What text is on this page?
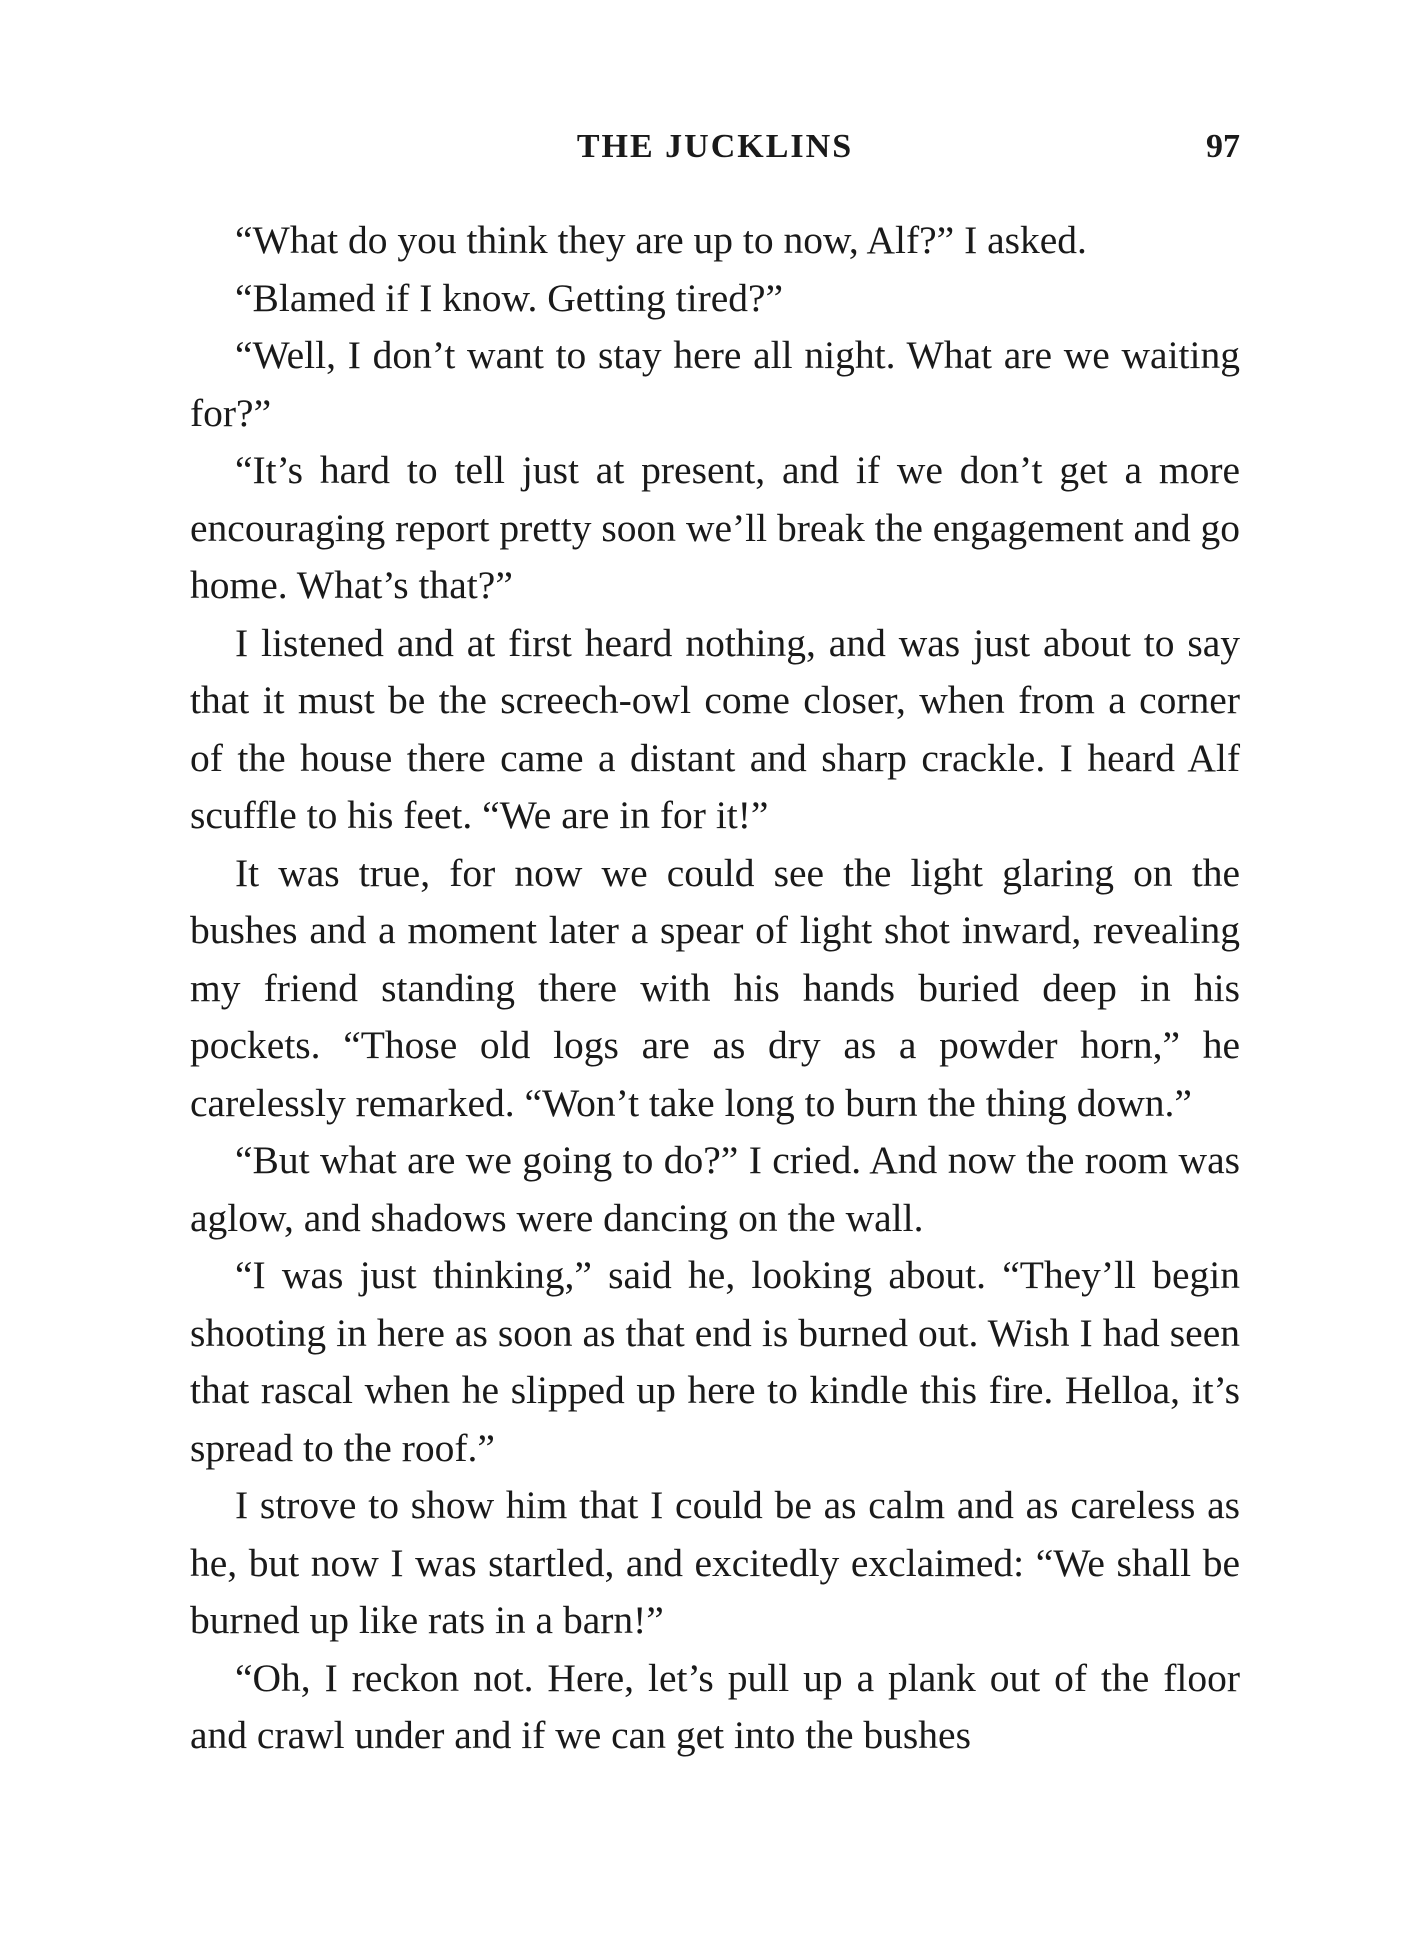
THE JUCKLINS	97

“What do you think they are up to now, Alf?” I asked.

“Blamed if I know. Getting tired?”

“Well, I don’t want to stay here all night. What are we waiting for?”

“It’s hard to tell just at present, and if we don’t get a more encouraging report pretty soon we’ll break the engagement and go home. What’s that?”

I listened and at first heard nothing, and was just about to say that it must be the screech-owl come closer, when from a corner of the house there came a distant and sharp crackle. I heard Alf scuffle to his feet. “We are in for it!”

It was true, for now we could see the light glaring on the bushes and a moment later a spear of light shot inward, revealing my friend standing there with his hands buried deep in his pockets. “Those old logs are as dry as a powder horn,” he carelessly remarked. “Won’t take long to burn the thing down.”

“But what are we going to do?” I cried. And now the room was aglow, and shadows were dancing on the wall.

“I was just thinking,” said he, looking about. “They’ll begin shooting in here as soon as that end is burned out. Wish I had seen that rascal when he slipped up here to kindle this fire. Helloa, it’s spread to the roof.”

I strove to show him that I could be as calm and as careless as he, but now I was startled, and excitedly exclaimed: “We shall be burned up like rats in a barn!”

“Oh, I reckon not. Here, let’s pull up a plank out of the floor and crawl under and if we can get into the bushes
